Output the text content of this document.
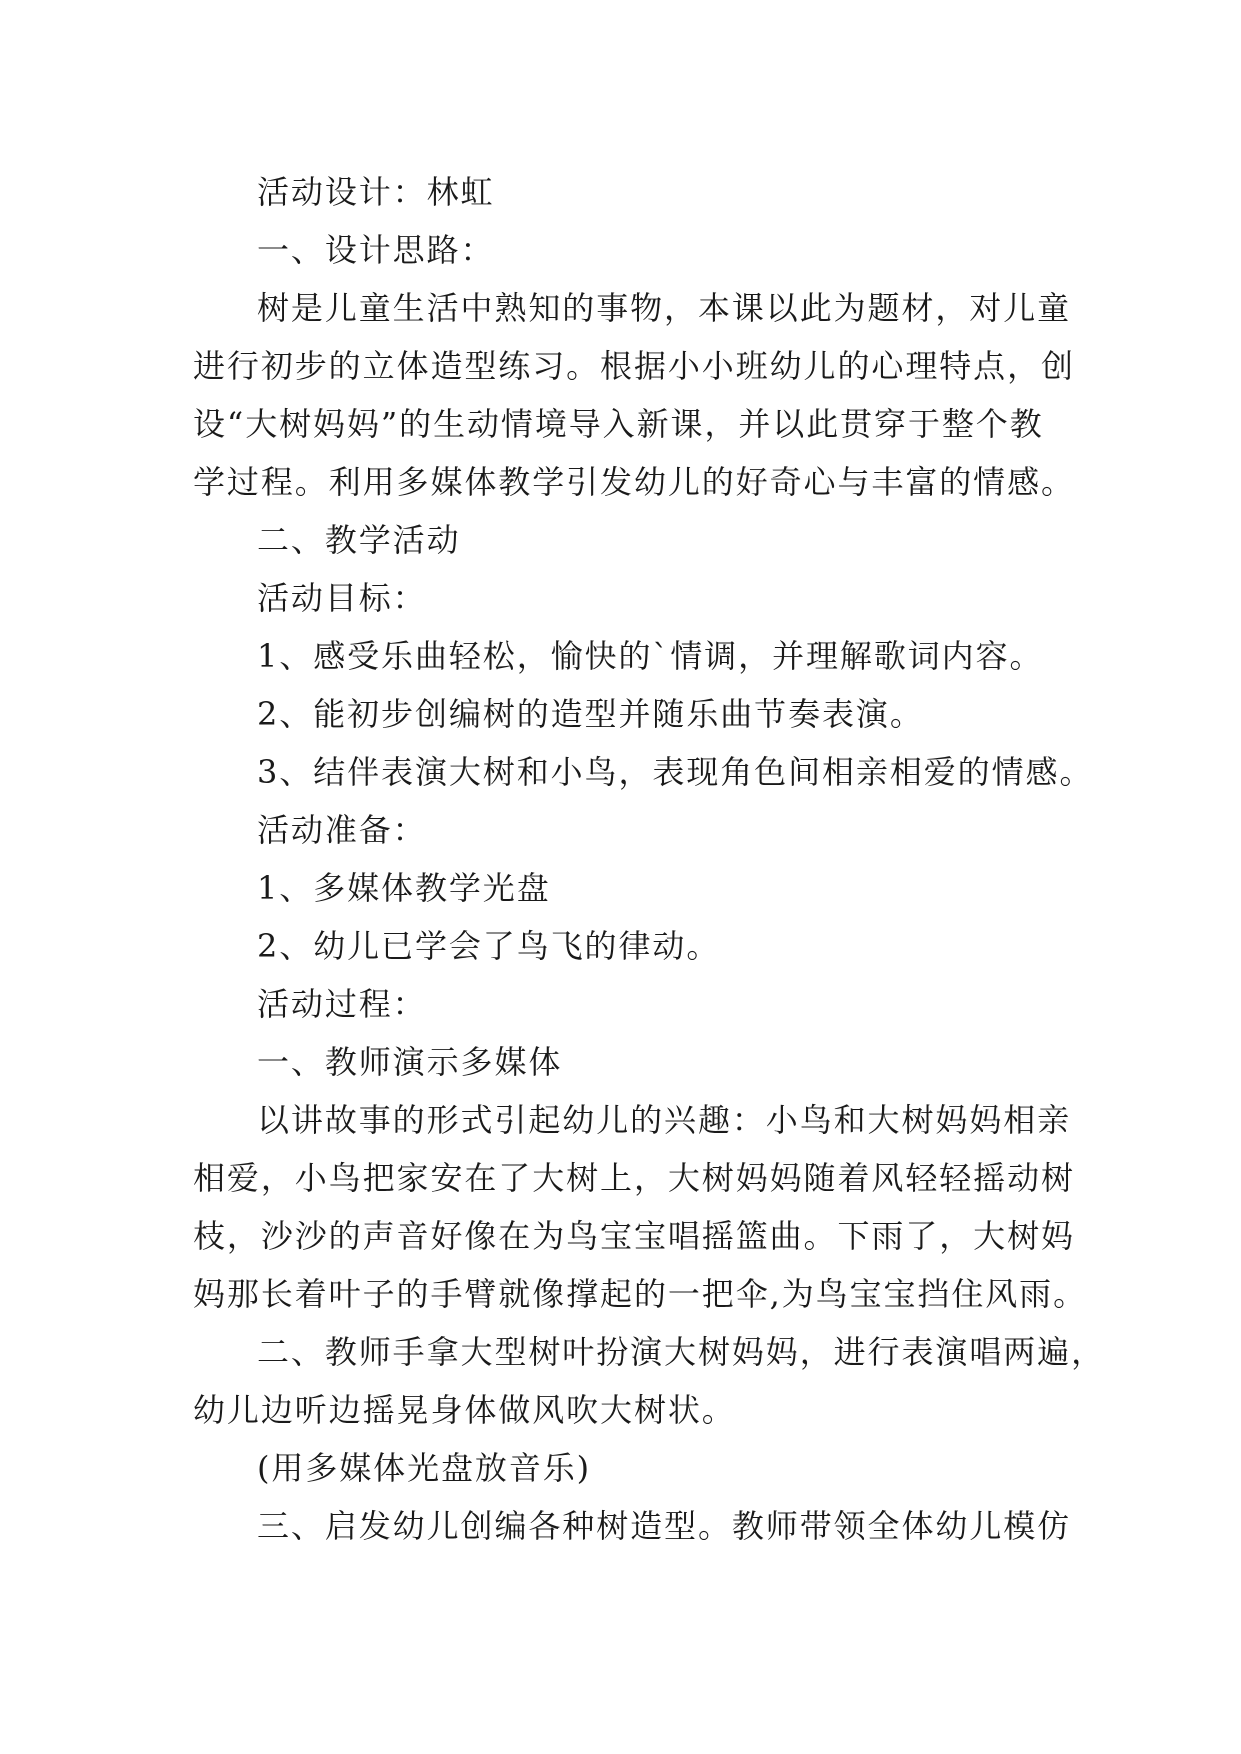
活动设计：林虹
一、设计思路：
树是儿童生活中熟知的事物，本课以此为题材，对儿童
进行初步的立体造型练习。根据小小班幼儿的心理特点，创
设“大树妈妈”的生动情境导入新课，并以此贯穿于整个教
学过程。利用多媒体教学引发幼儿的好奇心与丰富的情感。
二、教学活动
活动目标：
1、感受乐曲轻松，愉快的`情调，并理解歌词内容。
2、能初步创编树的造型并随乐曲节奏表演。
3、结伴表演大树和小鸟，表现角色间相亲相爱的情感。
活动准备：
1、多媒体教学光盘
2、幼儿已学会了鸟飞的律动。
活动过程：
一、教师演示多媒体
以讲故事的形式引起幼儿的兴趣：小鸟和大树妈妈相亲
相爱，小鸟把家安在了大树上，大树妈妈随着风轻轻摇动树
枝，沙沙的声音好像在为鸟宝宝唱摇篮曲。下雨了，大树妈
妈那长着叶子的手臂就像撑起的一把伞,为鸟宝宝挡住风雨。
二、教师手拿大型树叶扮演大树妈妈，进行表演唱两遍，
幼儿边听边摇晃身体做风吹大树状。
(用多媒体光盘放音乐)
三、启发幼儿创编各种树造型。教师带领全体幼儿模仿
